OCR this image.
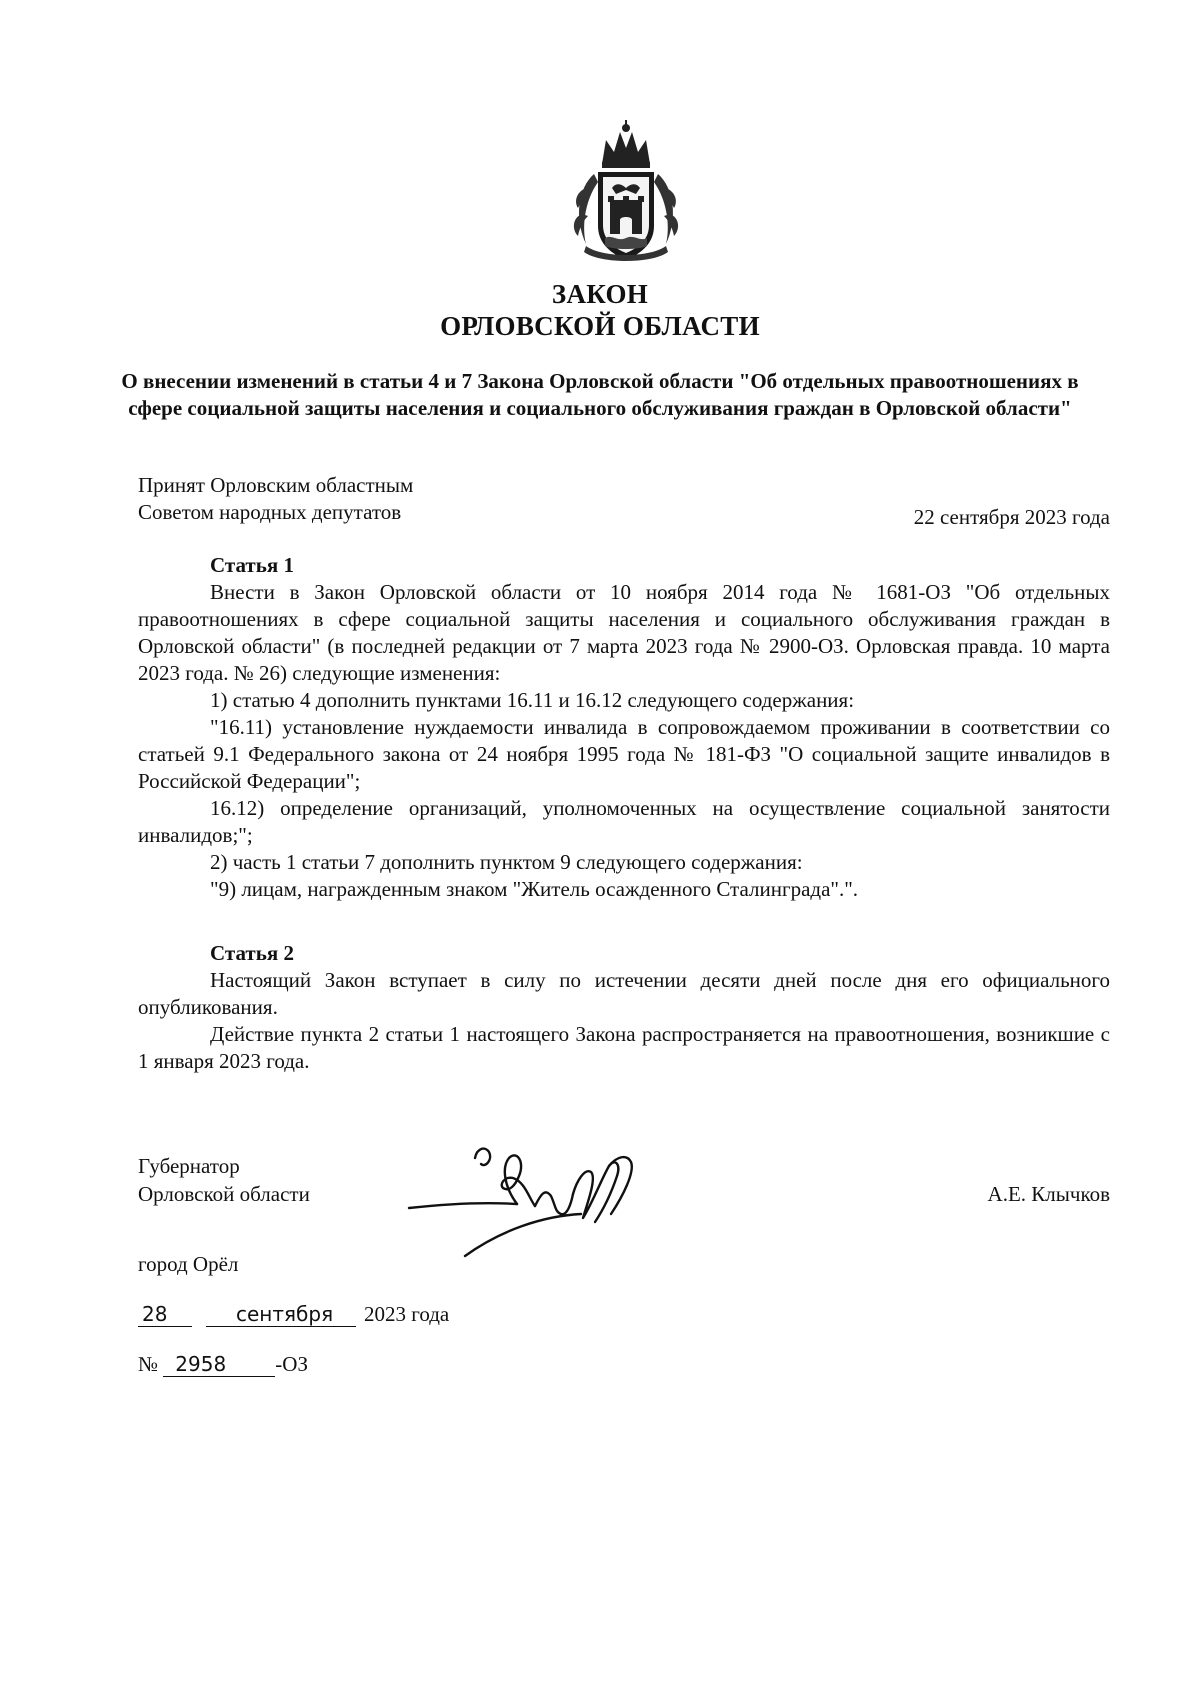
ЗАКОН
ОРЛОВСКОЙ ОБЛАСТИ
О внесении изменений в статьи 4 и 7 Закона Орловской области "Об отдельных правоотношениях в сфере социальной защиты населения и социального обслуживания граждан в Орловской области"
Принят Орловским областным
Советом народных депутатов	22 сентября 2023 года
Статья 1

Внести в Закон Орловской области от 10 ноября 2014 года № 1681-ОЗ "Об отдельных правоотношениях в сфере социальной защиты населения и социального обслуживания граждан в Орловской области" (в последней редакции от 7 марта 2023 года № 2900-ОЗ. Орловская правда. 10 марта 2023 года. № 26) следующие изменения:

1) статью 4 дополнить пунктами 16.11 и 16.12 следующего содержания:

"16.11) установление нуждаемости инвалида в сопровождаемом проживании в соответствии со статьей 9.1 Федерального закона от 24 ноября 1995 года № 181-ФЗ "О социальной защите инвалидов в Российской Федерации";

16.12) определение организаций, уполномоченных на осуществление социальной занятости инвалидов;";

2) часть 1 статьи 7 дополнить пунктом 9 следующего содержания:

"9) лицам, награжденным знаком "Житель осажденного Сталинграда".".

Статья 2

Настоящий Закон вступает в силу по истечении десяти дней после дня его официального опубликования.

Действие пункта 2 статьи 1 настоящего Закона распространяется на правоотношения, возникшие с 1 января 2023 года.

Губернатор
Орловской области	А.Е. Клычков
город Орёл
28	сентября 2023 года
№ 2958 -ОЗ
